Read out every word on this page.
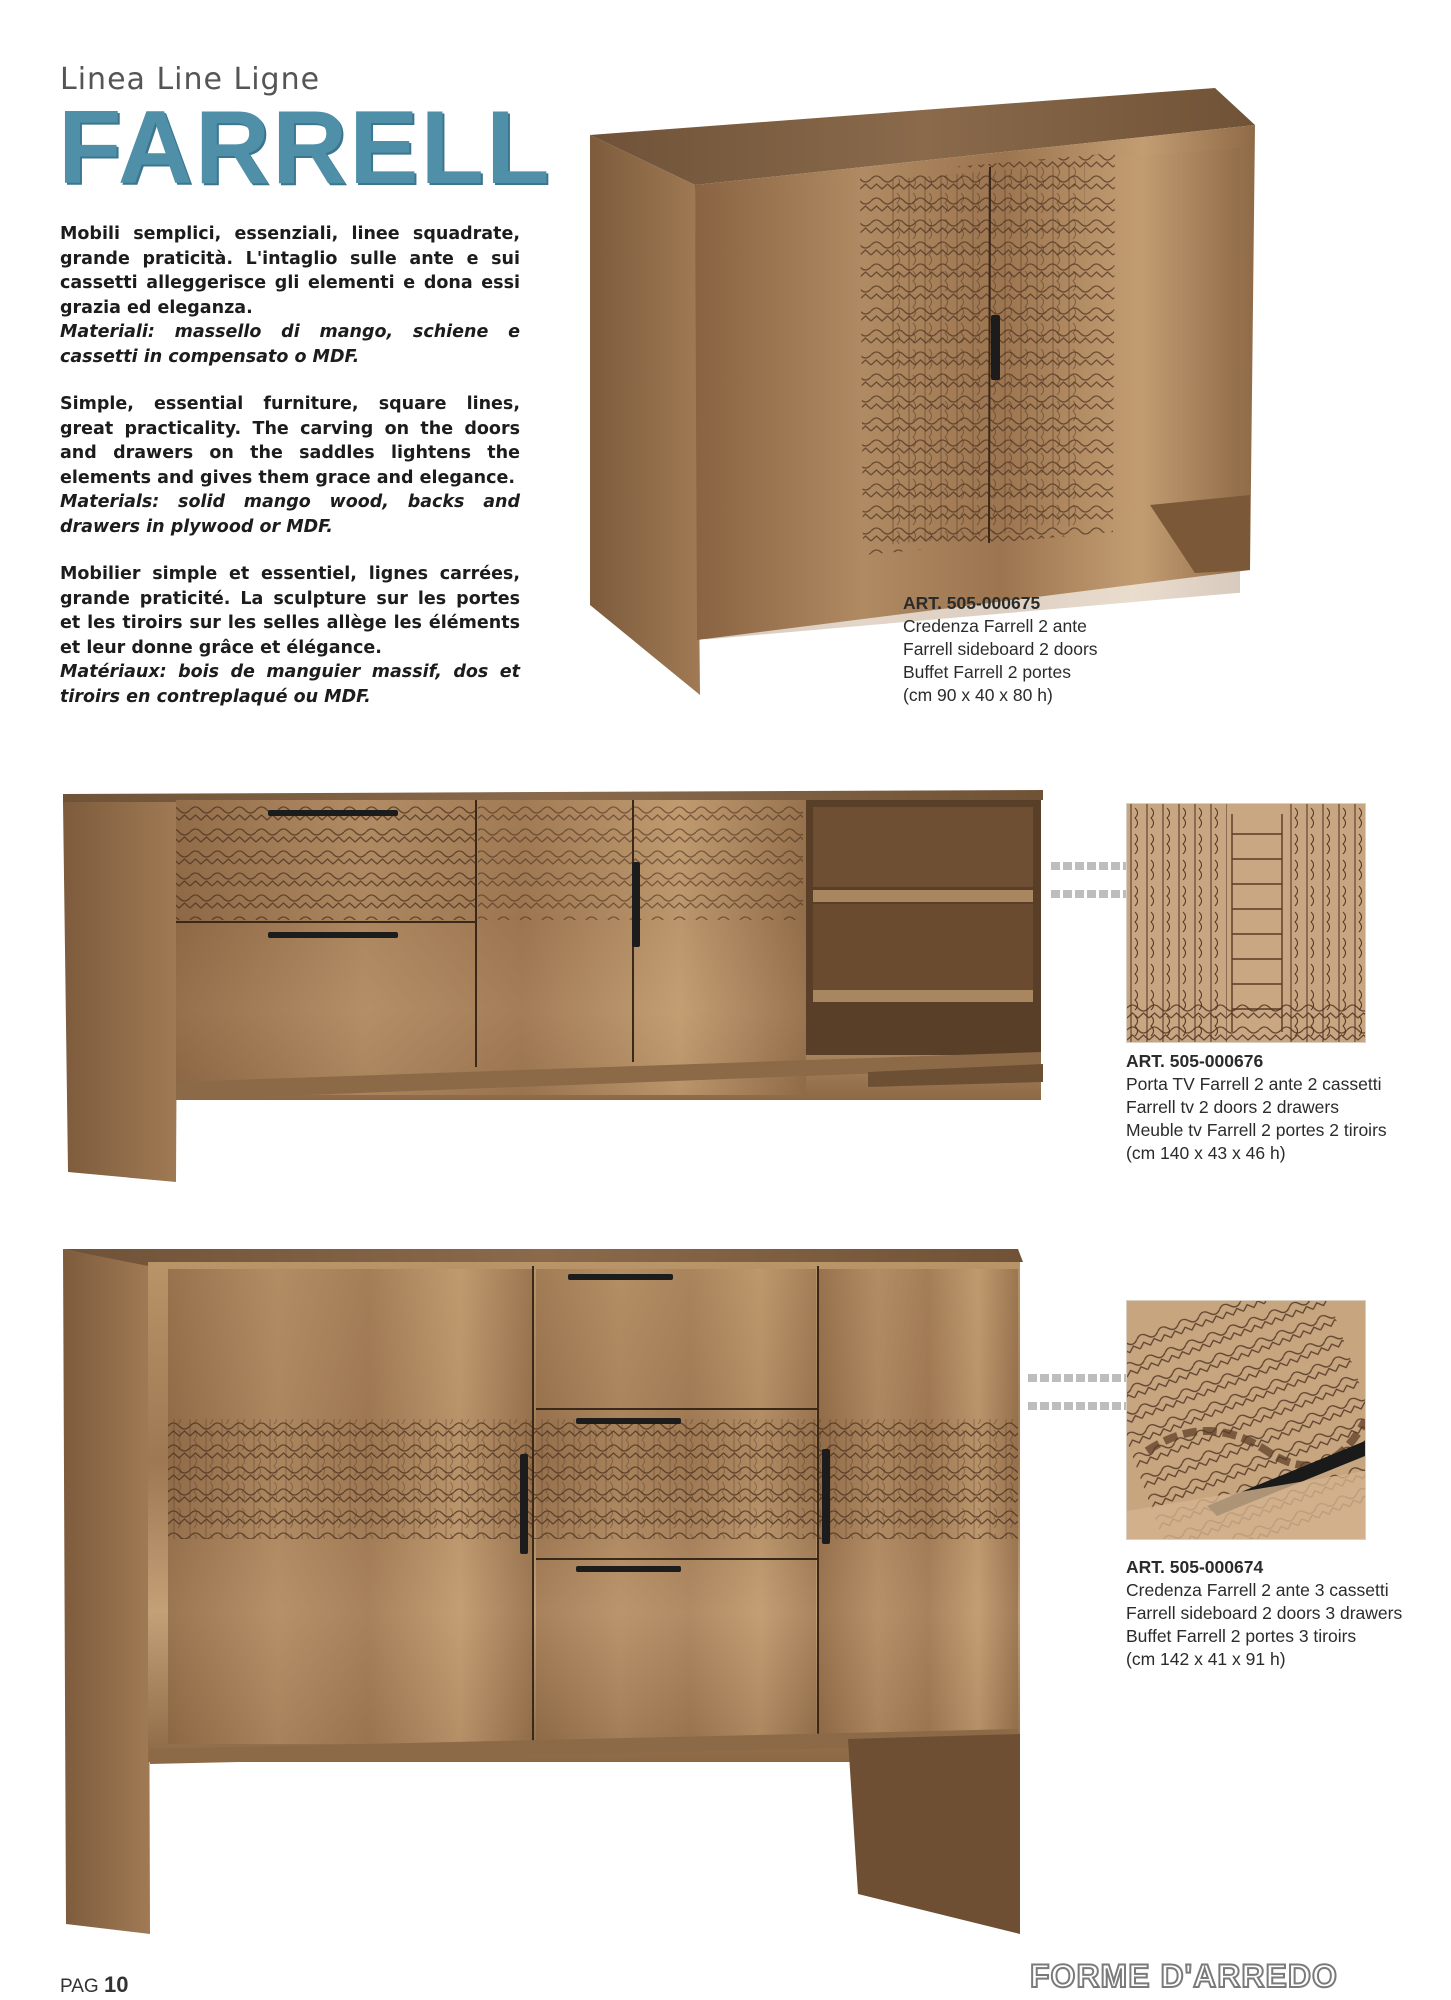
Linea Line Ligne
FARRELL

Mobili semplici, essenziali, linee squadrate, grande praticità. L'intaglio sulle ante e sui cassetti alleggerisce gli elementi e dona essi grazia ed eleganza.

Materiali: massello di mango, schiene e cassetti in compensato o MDF.

Simple, essential furniture, square lines, great practicality. The carving on the doors and drawers on the saddles lightens the elements and gives them grace and elegance.

Materials: solid mango wood, backs and drawers in plywood or MDF.

Mobilier simple et essentiel, lignes carrées, grande praticité. La sculpture sur les portes et les tiroirs sur les selles allège les éléments et leur donne grâce et élégance.

Matériaux: bois de manguier massif, dos et tiroirs en contreplaqué ou MDF.

ART. 505-000675
Credenza Farrell 2 ante
Farrell sideboard 2 doors
Buffet Farrell 2 portes
(cm 90 x 40 x 80 h)
ART. 505-000676
Porta TV Farrell 2 ante 2 cassetti
Farrell tv 2 doors 2 drawers
Meuble tv Farrell 2 portes 2 tiroirs
(cm 140 x 43 x 46 h)
ART. 505-000674
Credenza Farrell 2 ante 3 cassetti
Farrell sideboard 2 doors 3 drawers
Buffet Farrell 2 portes 3 tiroirs
(cm 142 x 41 x 91 h)
PAG 10	FORME D'ARREDO
